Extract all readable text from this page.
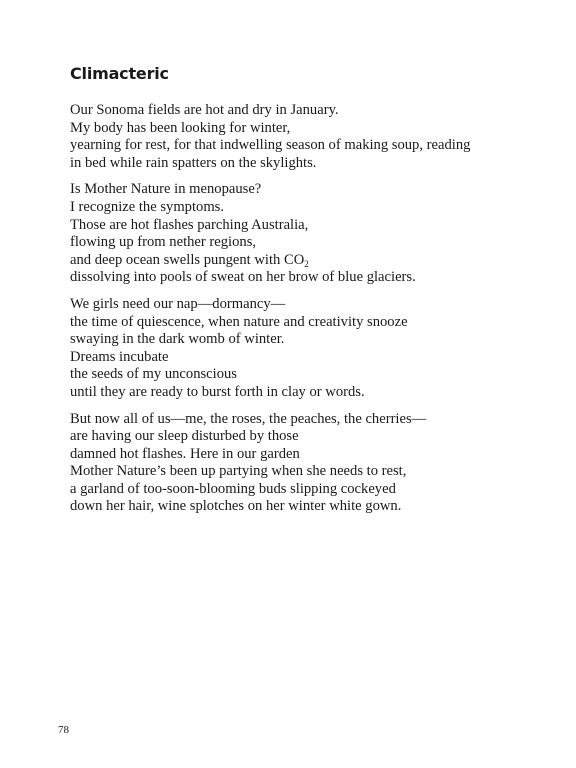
Climacteric

Our Sonoma fields are hot and dry in January.
My body has been looking for winter,
yearning for rest, for that indwelling season of making soup, reading
in bed while rain spatters on the skylights.

Is Mother Nature in menopause?
I recognize the symptoms.
Those are hot flashes parching Australia,
flowing up from nether regions,
and deep ocean swells pungent with $CO_2$
dissolving into pools of sweat on her brow of blue glaciers.

We girls need our nap—dormancy—
the time of quiescence, when nature and creativity snooze
swaying in the dark womb of winter.
Dreams incubate
the seeds of my unconscious
until they are ready to burst forth in clay or words.

But now all of us—me, the roses, the peaches, the cherries—
are having our sleep disturbed by those
damned hot flashes. Here in our garden
Mother Nature’s been up partying when she needs to rest,
a garland of too-soon-blooming buds slipping cockeyed
down her hair, wine splotches on her winter white gown.

78
